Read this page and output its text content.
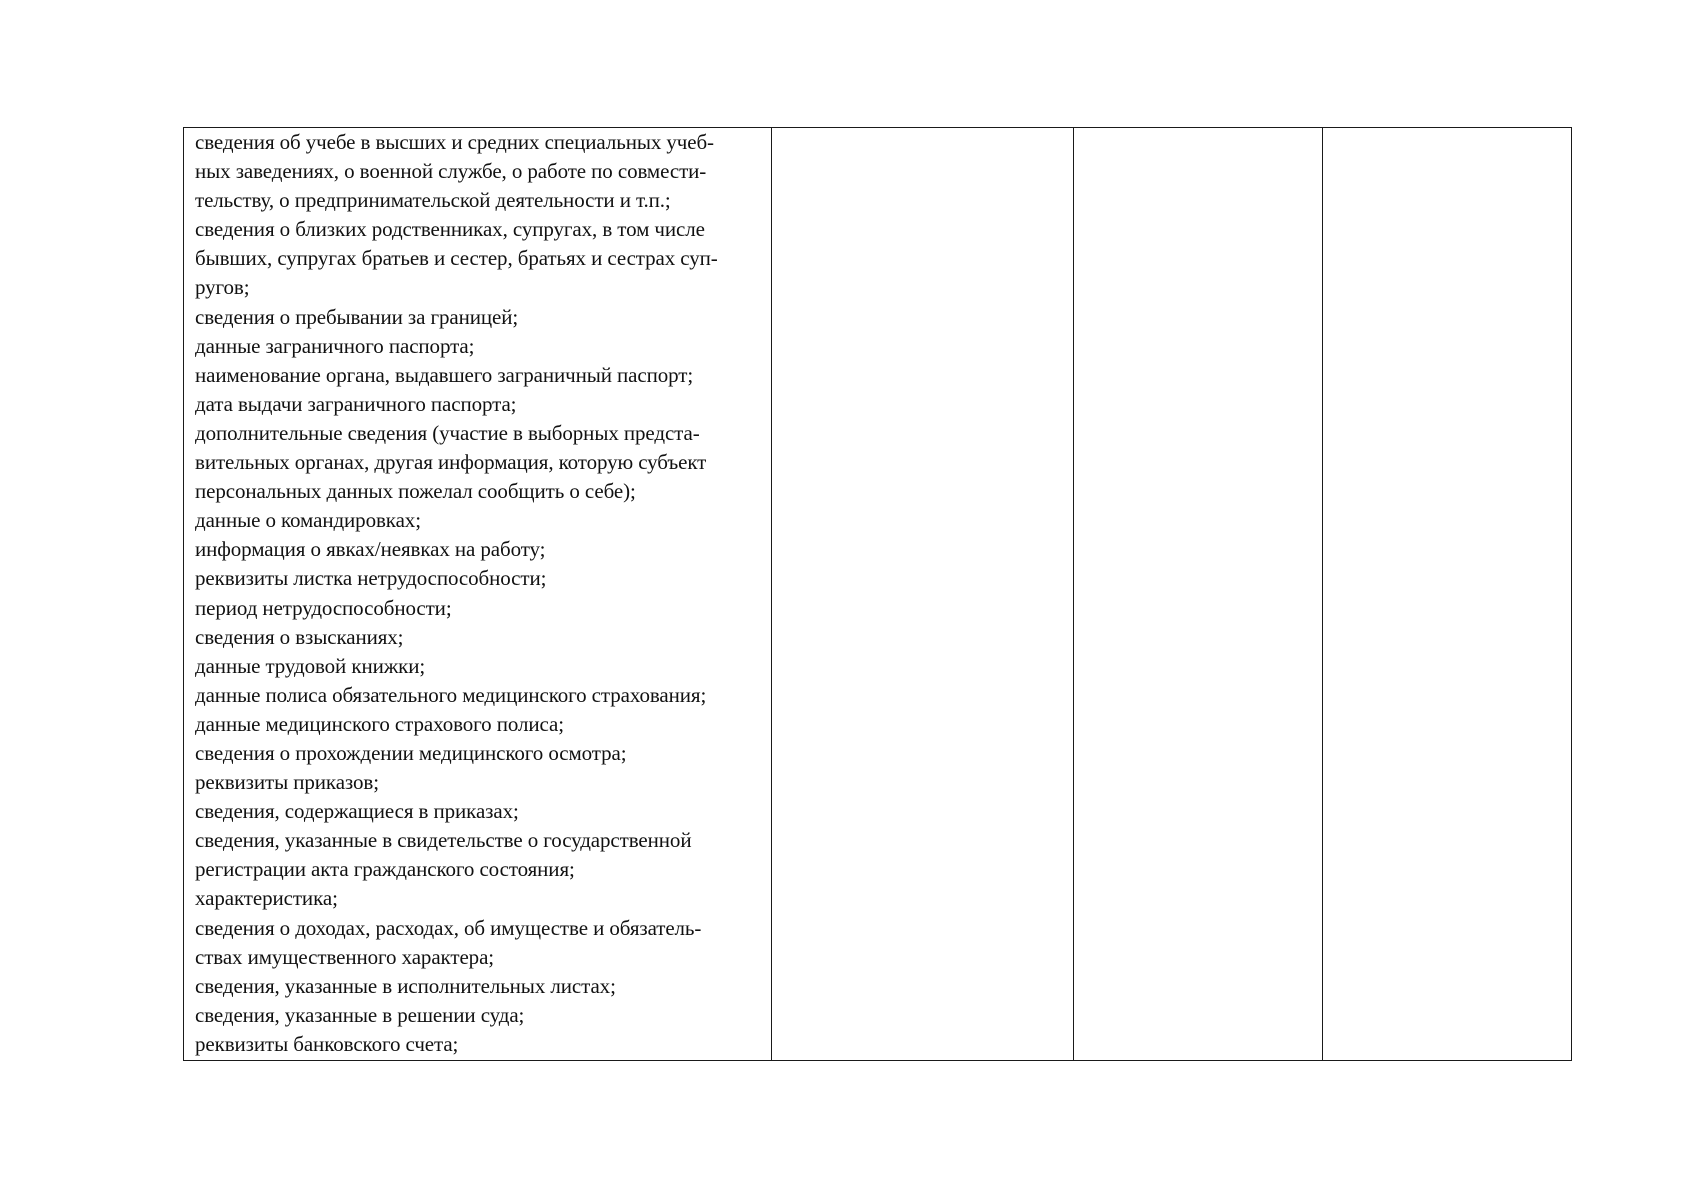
сведения об учебе в высших и средних специальных учеб-
ных заведениях, о военной службе, о работе по совмести-
тельству, о предпринимательской деятельности и т.п.;
сведения о близких родственниках, супругах, в том числе
бывших, супругах братьев и сестер, братьях и сестрах суп-
ругов;
сведения о пребывании за границей;
данные заграничного паспорта;
наименование органа, выдавшего заграничный паспорт;
дата выдачи заграничного паспорта;
дополнительные сведения (участие в выборных предста-
вительных органах, другая информация, которую субъект
персональных данных пожелал сообщить о себе);
данные о командировках;
информация о явках/неявках на работу;
реквизиты листка нетрудоспособности;
период нетрудоспособности;
сведения о взысканиях;
данные трудовой книжки;
данные полиса обязательного медицинского страхования;
данные медицинского страхового полиса;
сведения о прохождении медицинского осмотра;
реквизиты приказов;
сведения, содержащиеся в приказах;
сведения, указанные в свидетельстве о государственной
регистрации акта гражданского состояния;
характеристика;
сведения о доходах, расходах, об имуществе и обязатель-
ствах имущественного характера;
сведения, указанные в исполнительных листах;
сведения, указанные в решении суда;
реквизиты банковского счета;
